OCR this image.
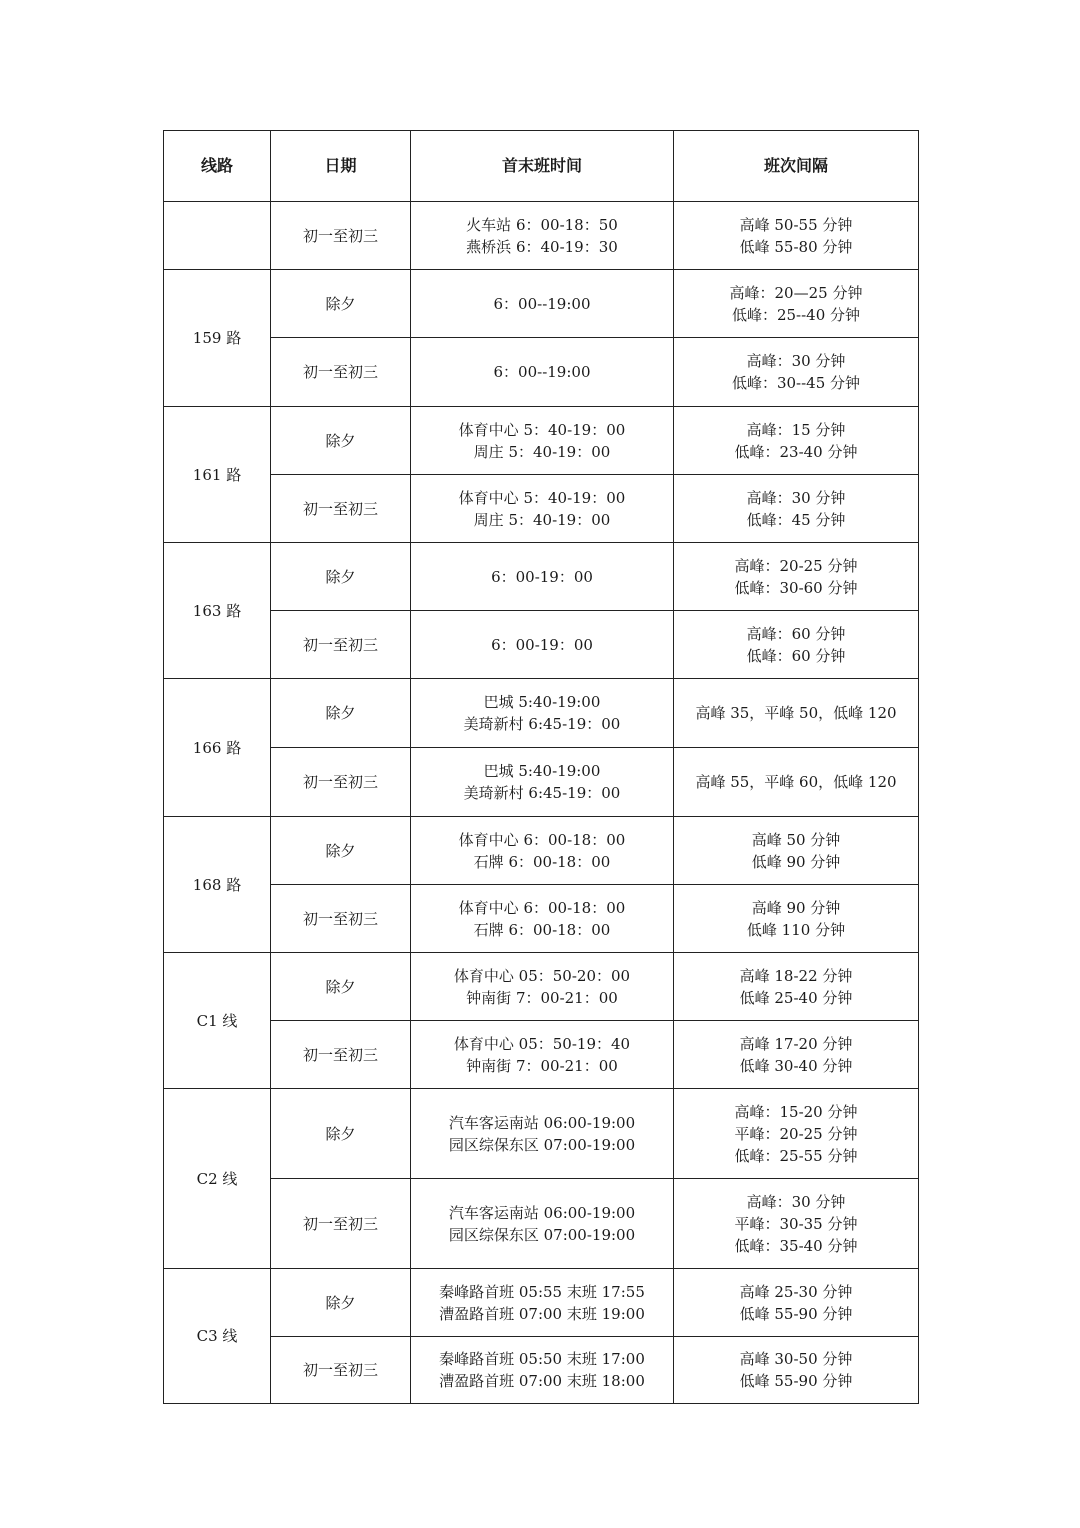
线路	日期	首末班时间	班次间隔
	初一至初三	火车站 6：00-18：50
燕桥浜 6：40-19：30	高峰 50-55 分钟
低峰 55-80 分钟

159 路	除夕	6：00--19:00	高峰：20—25 分钟
低峰：25--40 分钟

	初一至初三	6：00--19:00	高峰：30 分钟
低峰：30--45 分钟

161 路	除夕	体育中心 5：40-19：00
周庄 5：40-19：00	高峰：15 分钟
低峰：23-40 分钟

	初一至初三	体育中心 5：40-19：00
周庄 5：40-19：00	高峰：30 分钟
低峰：45 分钟

163 路	除夕	6：00-19：00	高峰：20-25 分钟
低峰：30-60 分钟

	初一至初三	6：00-19：00	高峰：60 分钟
低峰：60 分钟

166 路	除夕	巴城 5:40-19:00
美琦新村 6:45-19：00	高峰 35，平峰 50，低峰 120

	初一至初三	巴城 5:40-19:00
美琦新村 6:45-19：00	高峰 55，平峰 60，低峰 120

168 路	除夕	体育中心 6：00-18：00
石牌 6：00-18：00	高峰 50 分钟
低峰 90 分钟

	初一至初三	体育中心 6：00-18：00
石牌 6：00-18：00	高峰 90 分钟
低峰 110 分钟

C1 线	除夕	体育中心 05：50-20：00
钟南街 7：00-21：00	高峰 18-22 分钟
低峰 25-40 分钟

	初一至初三	体育中心 05：50-19：40
钟南街 7：00-21：00	高峰 17-20 分钟
低峰 30-40 分钟

C2 线	除夕	汽车客运南站 06:00-19:00
园区综保东区 07:00-19:00	高峰：15-20 分钟
平峰：20-25 分钟
低峰：25-55 分钟

	初一至初三	汽车客运南站 06:00-19:00
园区综保东区 07:00-19:00	高峰：30 分钟
平峰：30-35 分钟
低峰：35-40 分钟

C3 线	除夕	秦峰路首班 05:55 末班 17:55
漕盈路首班 07:00 末班 19:00	高峰 25-30 分钟
低峰 55-90 分钟

	初一至初三	秦峰路首班 05:50 末班 17:00
漕盈路首班 07:00 末班 18:00	高峰 30-50 分钟
低峰 55-90 分钟
